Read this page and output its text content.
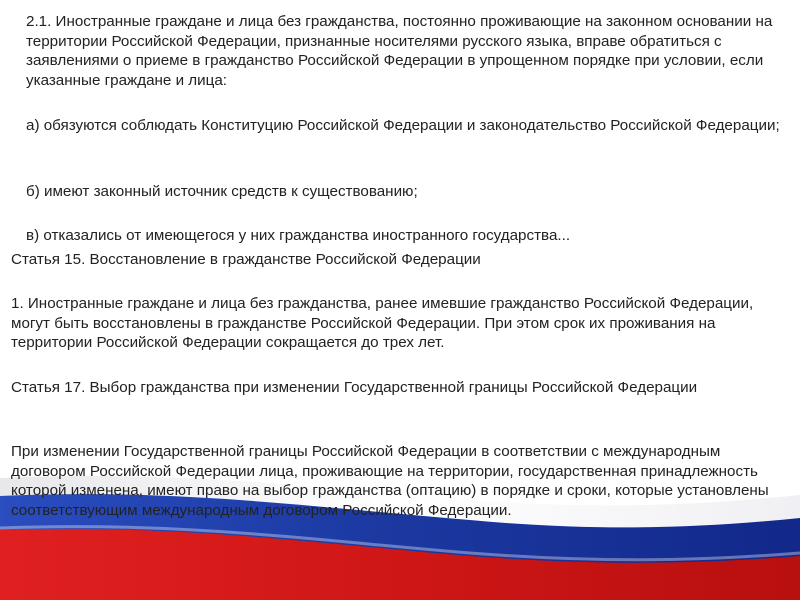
2.1. Иностранные граждане и лица без гражданства, постоянно проживающие на законном основании на территории Российской Федерации, признанные носителями русского языка, вправе обратиться с заявлениями о приеме в гражданство Российской Федерации в упрощенном порядке при условии, если указанные граждане и лица:

а) обязуются соблюдать Конституцию Российской Федерации и законодательство Российской Федерации;

б) имеют законный источник средств к существованию;

в) отказались от имеющегося у них гражданства иностранного государства...

Статья 15. Восстановление в гражданстве Российской Федерации

1. Иностранные граждане и лица без гражданства, ранее имевшие гражданство Российской Федерации, могут быть восстановлены в гражданстве Российской Федерации. При этом срок их проживания на территории Российской Федерации сокращается до трех лет.

Статья 17. Выбор гражданства при изменении Государственной границы Российской Федерации

При изменении Государственной границы Российской Федерации в соответствии с международным договором Российской Федерации лица, проживающие на территории, государственная принадлежность которой изменена, имеют право на выбор гражданства (оптацию) в порядке и сроки, которые установлены соответствующим международным договором Российской Федерации.
